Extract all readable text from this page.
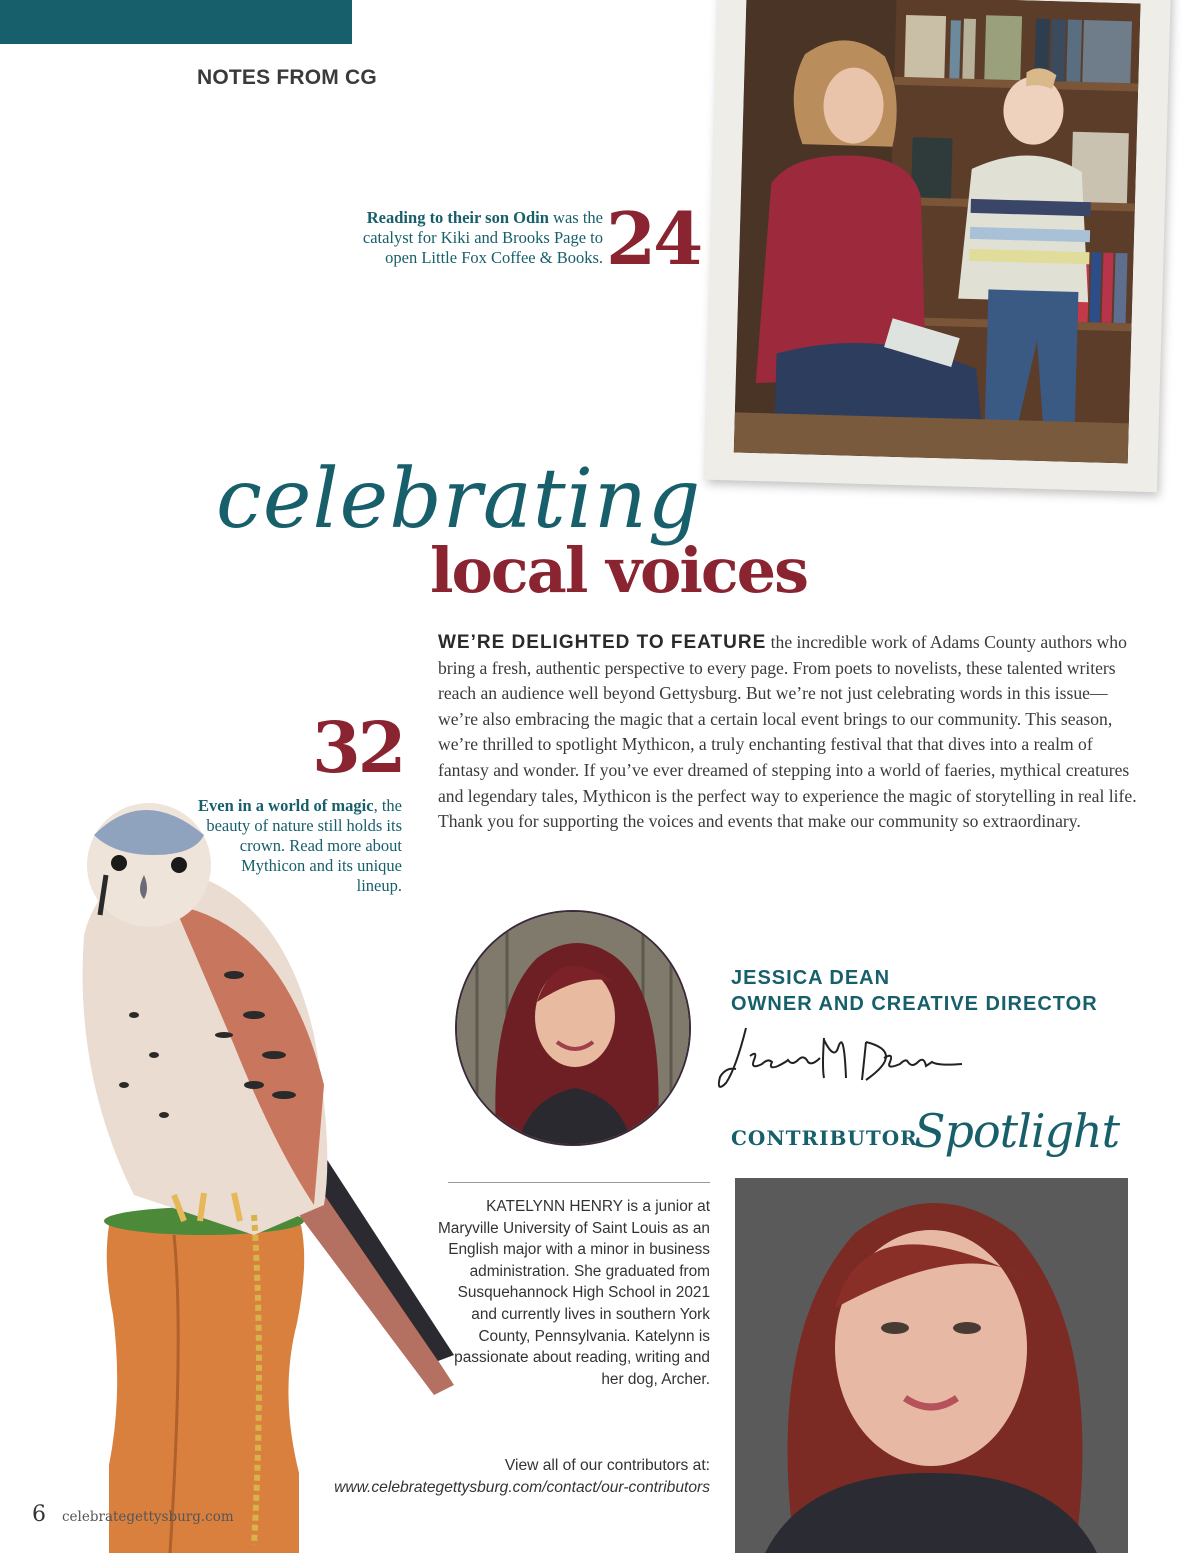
NOTES FROM CG
Reading to their son Odin was the catalyst for Kiki and Brooks Page to open Little Fox Coffee & Books. 24
celebrating
local voices
WE’RE DELIGHTED TO FEATURE the incredible work of Adams County authors who bring a fresh, authentic perspective to every page. From poets to novelists, these talented writers reach an audience well beyond Gettysburg. But we’re not just celebrating words in this issue—we’re also embracing the magic that a certain local event brings to our community. This season, we’re thrilled to spotlight Mythicon, a truly enchanting festival that that dives into a realm of fantasy and wonder. If you’ve ever dreamed of stepping into a world of faeries, mythical creatures and legendary tales, Mythicon is the perfect way to experience the magic of storytelling in real life. Thank you for supporting the voices and events that make our community so extraordinary.
32
Even in a world of magic, the beauty of nature still holds its crown. Read more about Mythicon and its unique lineup.
JESSICA DEAN
OWNER AND CREATIVE DIRECTOR
CONTRIBUTOR
Spotlight
KATELYNN HENRY is a junior at Maryville University of Saint Louis as an English major with a minor in business administration. She graduated from Susquehannock High School in 2021 and currently lives in southern York County, Pennsylvania. Katelynn is passionate about reading, writing and her dog, Archer.
View all of our contributors at:
www.celebrategettysburg.com/contact/our-contributors
6 celebrategettysburg.com
